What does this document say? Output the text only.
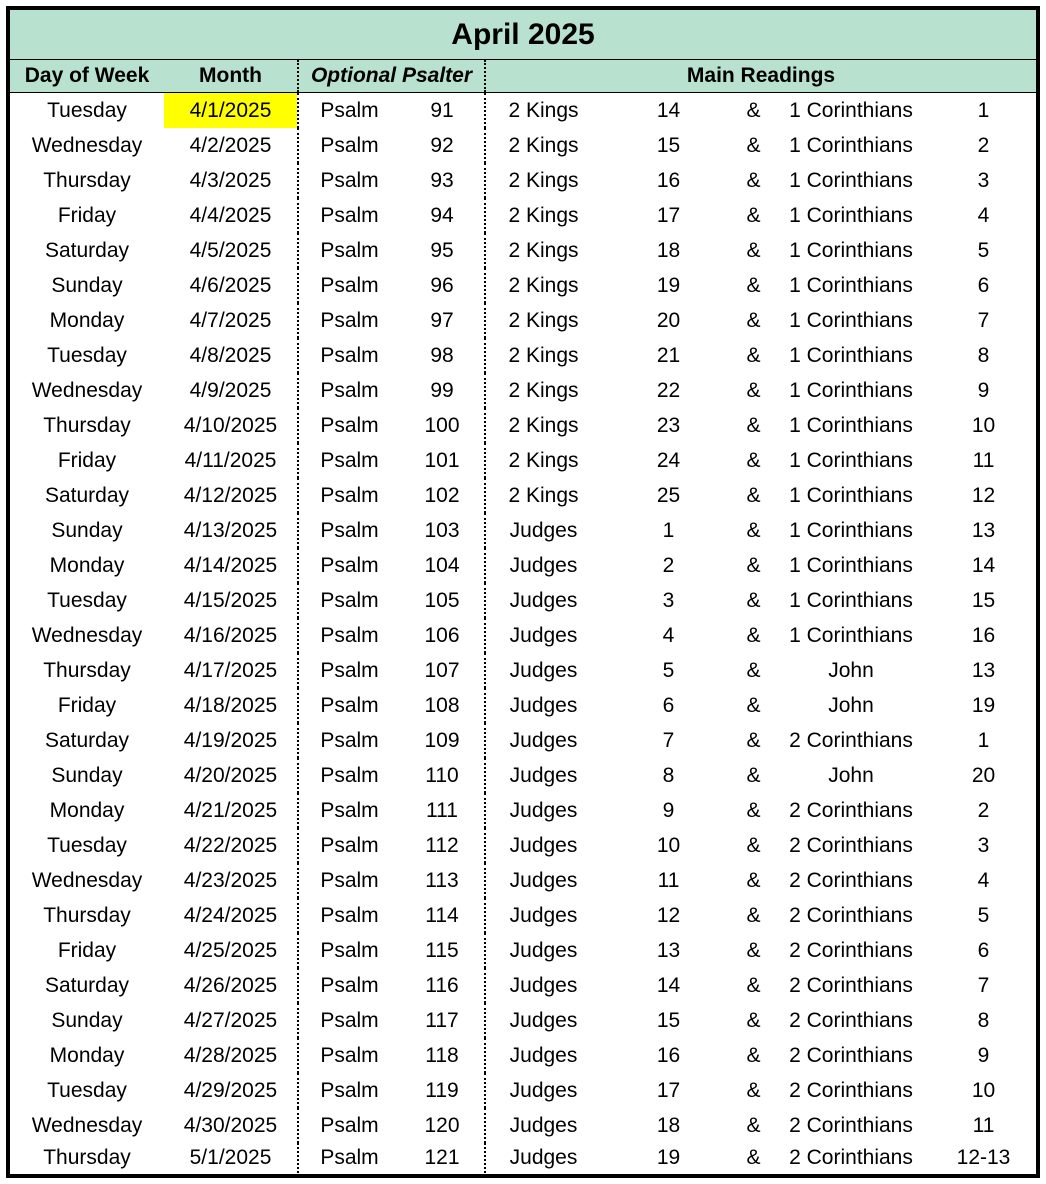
April 2025
Day of Week	Month	Optional Psalter	Main Readings
Tuesday	4/1/2025	Psalm	91	2 Kings	14	&	1 Corinthians	1
Wednesday	4/2/2025	Psalm	92	2 Kings	15	&	1 Corinthians	2
Thursday	4/3/2025	Psalm	93	2 Kings	16	&	1 Corinthians	3
Friday	4/4/2025	Psalm	94	2 Kings	17	&	1 Corinthians	4
Saturday	4/5/2025	Psalm	95	2 Kings	18	&	1 Corinthians	5
Sunday	4/6/2025	Psalm	96	2 Kings	19	&	1 Corinthians	6
Monday	4/7/2025	Psalm	97	2 Kings	20	&	1 Corinthians	7
Tuesday	4/8/2025	Psalm	98	2 Kings	21	&	1 Corinthians	8
Wednesday	4/9/2025	Psalm	99	2 Kings	22	&	1 Corinthians	9
Thursday	4/10/2025	Psalm	100	2 Kings	23	&	1 Corinthians	10
Friday	4/11/2025	Psalm	101	2 Kings	24	&	1 Corinthians	11
Saturday	4/12/2025	Psalm	102	2 Kings	25	&	1 Corinthians	12
Sunday	4/13/2025	Psalm	103	Judges	1	&	1 Corinthians	13
Monday	4/14/2025	Psalm	104	Judges	2	&	1 Corinthians	14
Tuesday	4/15/2025	Psalm	105	Judges	3	&	1 Corinthians	15
Wednesday	4/16/2025	Psalm	106	Judges	4	&	1 Corinthians	16
Thursday	4/17/2025	Psalm	107	Judges	5	&	John	13
Friday	4/18/2025	Psalm	108	Judges	6	&	John	19
Saturday	4/19/2025	Psalm	109	Judges	7	&	2 Corinthians	1
Sunday	4/20/2025	Psalm	110	Judges	8	&	John	20
Monday	4/21/2025	Psalm	111	Judges	9	&	2 Corinthians	2
Tuesday	4/22/2025	Psalm	112	Judges	10	&	2 Corinthians	3
Wednesday	4/23/2025	Psalm	113	Judges	11	&	2 Corinthians	4
Thursday	4/24/2025	Psalm	114	Judges	12	&	2 Corinthians	5
Friday	4/25/2025	Psalm	115	Judges	13	&	2 Corinthians	6
Saturday	4/26/2025	Psalm	116	Judges	14	&	2 Corinthians	7
Sunday	4/27/2025	Psalm	117	Judges	15	&	2 Corinthians	8
Monday	4/28/2025	Psalm	118	Judges	16	&	2 Corinthians	9
Tuesday	4/29/2025	Psalm	119	Judges	17	&	2 Corinthians	10
Wednesday	4/30/2025	Psalm	120	Judges	18	&	2 Corinthians	11
Thursday	5/1/2025	Psalm	121	Judges	19	&	2 Corinthians	12-13
